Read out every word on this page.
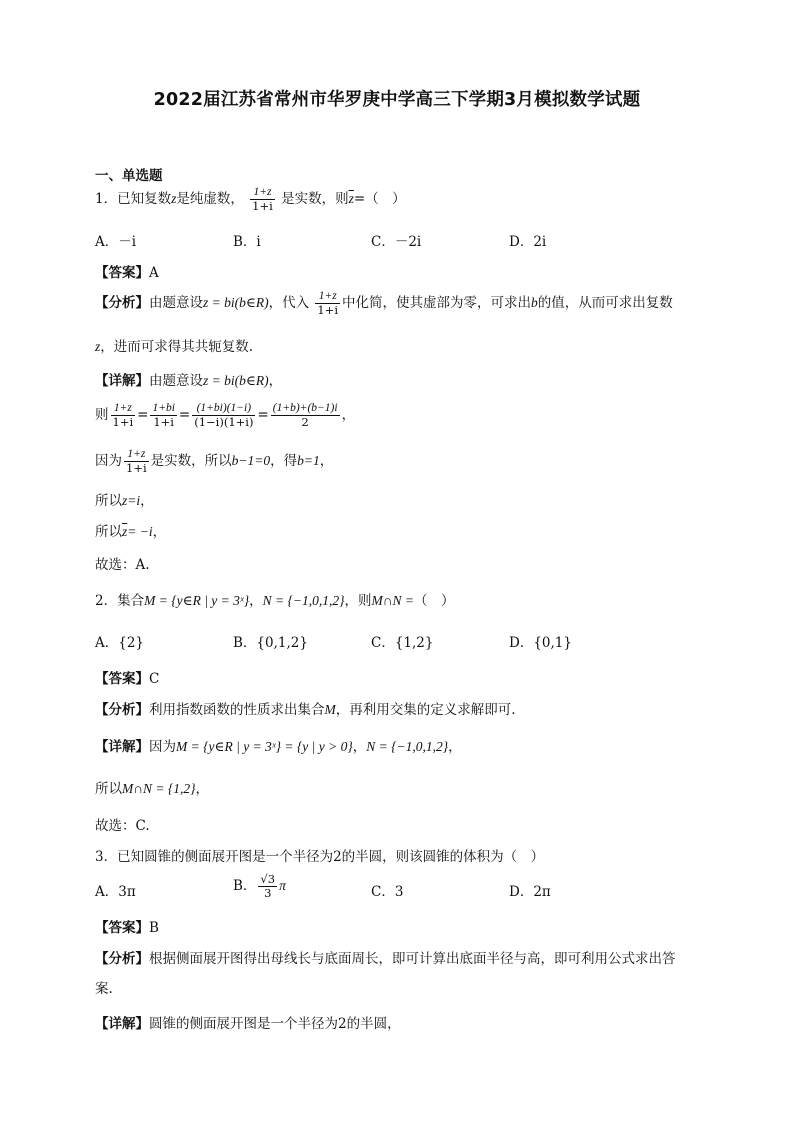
2022届江苏省常州市华罗庚中学高三下学期3月模拟数学试题
一、单选题
1．已知复数z是纯虚数， $\frac{1+z}{1+i}$ 是实数，则$\overline{z}=$（　）
A．－i	B．i	C．－2i	D．2i
【答案】A
【分析】由题意设z = bi(b∈R)，代入 $\frac{1+z}{1+i}$ 中化简，使其虚部为零，可求出b的值，从而可求出复数
z，进而可求得其共轭复数.
【详解】由题意设z = bi(b∈R)，
则 $\frac{1+z}{1+i} = \frac{1+bi}{1+i} = \frac{(1+bi)(1-i)}{(1-i)(1+i)} = \frac{(1+b)+(b-1)i}{2}$ ，
因为 $\frac{1+z}{1+i}$ 是实数，所以b−1=0，得b=1，
所以z=i，
所以$\overline{z}= -i$，
故选：A.
2．集合M = {y∈R | y = 3ˣ}，N = {−1,0,1,2}，则M∩N =（　）
A．{2}	B．{0,1,2}	C．{1,2}	D．{0,1}
【答案】C
【分析】利用指数函数的性质求出集合M，再利用交集的定义求解即可.
【详解】因为M = {y∈R | y = 3ˣ} = {y | y > 0}，N = {−1,0,1,2}，
所以M∩N = {1,2}，
故选：C.
3．已知圆锥的侧面展开图是一个半径为2的半圆，则该圆锥的体积为（　）
A．3π	B． $\frac{√3}{3}$ π	C．3	D．2π
【答案】B
【分析】根据侧面展开图得出母线长与底面周长，即可计算出底面半径与高，即可利用公式求出答
案.
【详解】圆锥的侧面展开图是一个半径为2的半圆，
